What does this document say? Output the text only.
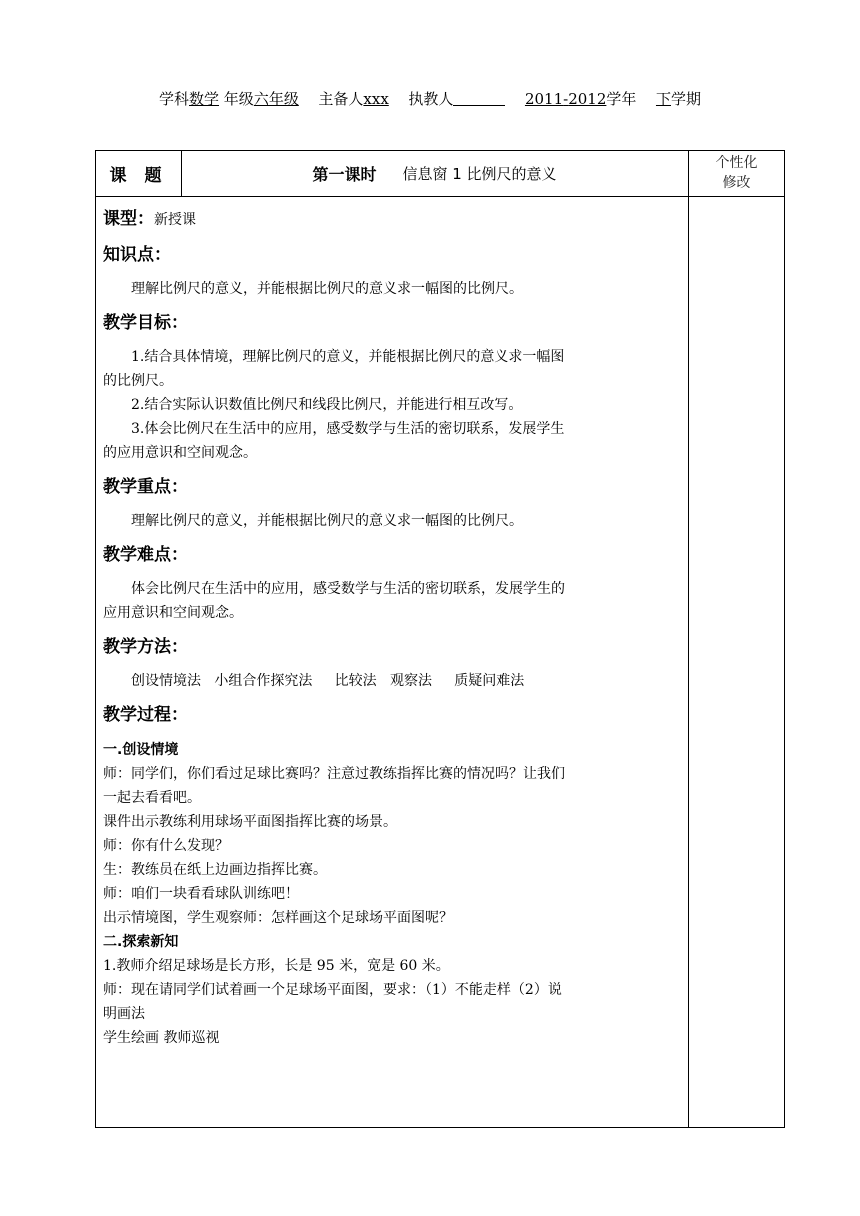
学科数学 年级六年级 主备人xxx 执教人	2011-2012学年 下学期
课 题	第一课时 信息窗 1 比例尺的意义
个性化
修改
课型：新授课
知识点：
理解比例尺的意义，并能根据比例尺的意义求一幅图的比例尺。
教学目标：
1.结合具体情境，理解比例尺的意义，并能根据比例尺的意义求一幅图
的比例尺。
2.结合实际认识数值比例尺和线段比例尺，并能进行相互改写。
3.体会比例尺在生活中的应用，感受数学与生活的密切联系，发展学生
的应用意识和空间观念。
教学重点：
理解比例尺的意义，并能根据比例尺的意义求一幅图的比例尺。
教学难点：
体会比例尺在生活中的应用，感受数学与生活的密切联系，发展学生的
应用意识和空间观念。
教学方法：
创设情境法   小组合作探究法     比较法   观察法     质疑问难法
教学过程：
一.创设情境
师：同学们，你们看过足球比赛吗？注意过教练指挥比赛的情况吗？让我们
一起去看看吧。
课件出示教练利用球场平面图指挥比赛的场景。
师：你有什么发现？
生：教练员在纸上边画边指挥比赛。
师：咱们一块看看球队训练吧！
出示情境图，学生观察师：怎样画这个足球场平面图呢？
二.探索新知
1.教师介绍足球场是长方形，长是 95 米，宽是 60 米。
师：现在请同学们试着画一个足球场平面图，要求：（1）不能走样（2）说
明画法
学生绘画 教师巡视
